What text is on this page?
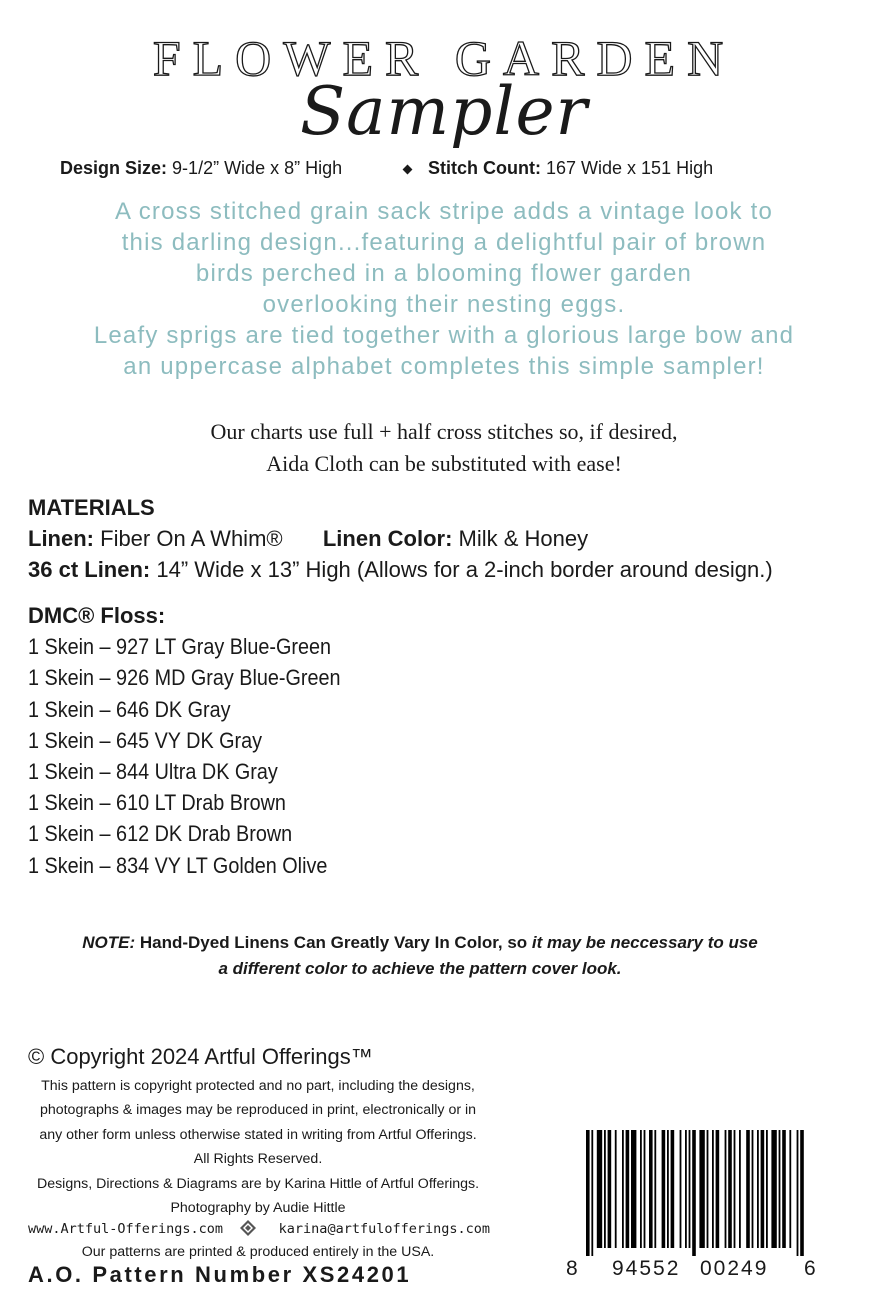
FLOWER GARDEN
Sampler
Design Size: 9-1/2” Wide x 8” High	Stitch Count: 167 Wide x 151 High
A cross stitched grain sack stripe adds a vintage look to
this darling design...featuring a delightful pair of brown
birds perched in a blooming flower garden
overlooking their nesting eggs.
Leafy sprigs are tied together with a glorious large bow and
an uppercase alphabet completes this simple sampler!
Our charts use full + half cross stitches so, if desired,
Aida Cloth can be substituted with ease!
MATERIALS
Linen: Fiber On A Whim® Linen Color: Milk & Honey
36 ct Linen: 14” Wide x 13” High (Allows for a 2-inch border around design.)
DMC® Floss:
1 Skein – 927 LT Gray Blue-Green
1 Skein – 926 MD Gray Blue-Green
1 Skein – 646 DK Gray
1 Skein – 645 VY DK Gray
1 Skein – 844 Ultra DK Gray
1 Skein – 610 LT Drab Brown
1 Skein – 612 DK Drab Brown
1 Skein – 834 VY LT Golden Olive
NOTE: Hand-Dyed Linens Can Greatly Vary In Color, so it may be neccessary to use
a different color to achieve the pattern cover look.
© Copyright 2024 Artful Offerings™
This pattern is copyright protected and no part, including the designs,
photographs & images may be reproduced in print, electronically or in
any other form unless otherwise stated in writing from Artful Offerings.
All Rights Reserved.
Designs, Directions & Diagrams are by Karina Hittle of Artful Offerings.
Photography by Audie Hittle
www.Artful-Offerings.com	karina@artfulofferings.com
Our patterns are printed & produced entirely in the USA.
A.O. Pattern Number XS24201	8 94552 00249 6
